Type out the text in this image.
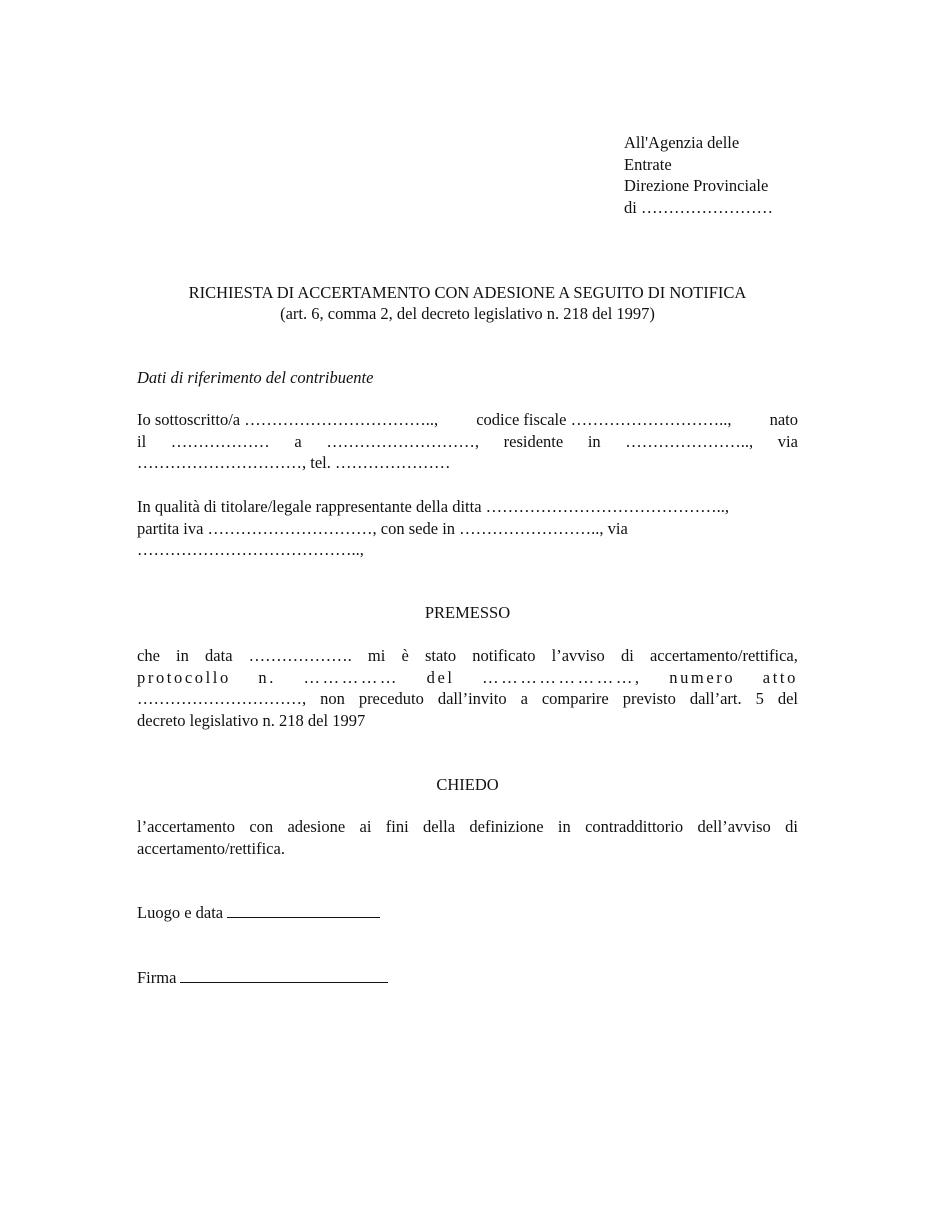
All'Agenzia delle
Entrate
Direzione Provinciale
di ……………………
RICHIESTA DI ACCERTAMENTO CON ADESIONE A SEGUITO DI NOTIFICA
(art. 6, comma 2, del decreto legislativo n. 218 del 1997)
Dati di riferimento del contribuente
Io sottoscritto/a …………………………….., codice fiscale ……………………….., nato
il ……………… a ………………………, residente in ………………….., via
…………………………, tel. …………………
In qualità di titolare/legale rappresentante della ditta ……………………………………..,
partita iva …………………………, con sede in …………………….., via
…………………………………..,
PREMESSO
che in data ………………. mi è stato notificato l’avviso di accertamento/rettifica,
protocollo n. …………… del ……………………, numero atto
…………………………, non preceduto dall’invito a comparire previsto dall’art. 5 del
decreto legislativo n. 218 del 1997
CHIEDO
l’accertamento con adesione ai fini della definizione in contraddittorio dell’avviso di
accertamento/rettifica.
Luogo e data
Firma
